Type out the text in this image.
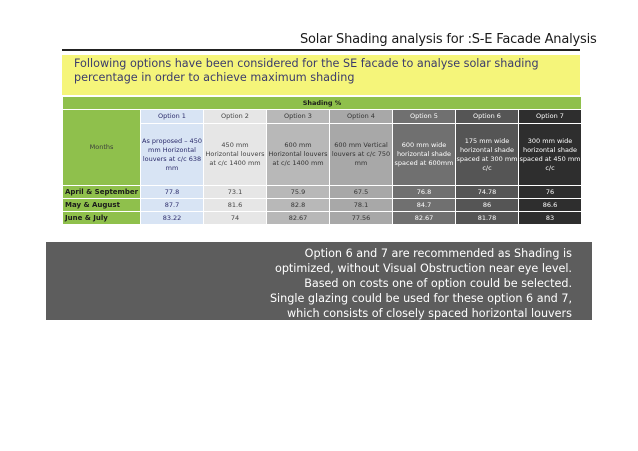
Solar Shading analysis for :S-E Facade Analysis
Following options have been considered for the SE facade to analyse solar shading percentage in order to achieve maximum shading
Shading %							
Months	Option 1	Option 2	Option 3	Option 4	Option 5	Option 6	Option 7
	As proposed – 450 mm Horizontal louvers at c/c 638 mm	450 mm Horizontal louvers at c/c 1400 mm	600 mm Horizontal louvers at c/c 1400 mm	600 mm Vertical louvers at c/c 750 mm	600 mm wide horizontal shade spaced at 600mm	175 mm wide horizontal shade spaced at 300 mm c/c	300 mm wide horizontal shade spaced at 450 mm c/c
April & September	77.8	73.1	75.9	67.5	76.8	74.78	76
May & August	87.7	81.6	82.8	78.1	84.7	86	86.6
June & July	83.22	74	82.67	77.56	82.67	81.78	83
Option 6 and 7 are recommended as Shading is
optimized, without Visual Obstruction near eye level.
Based on costs one of option could be selected.
Single glazing could be used for these option 6 and 7,
which consists of closely spaced horizontal louvers
